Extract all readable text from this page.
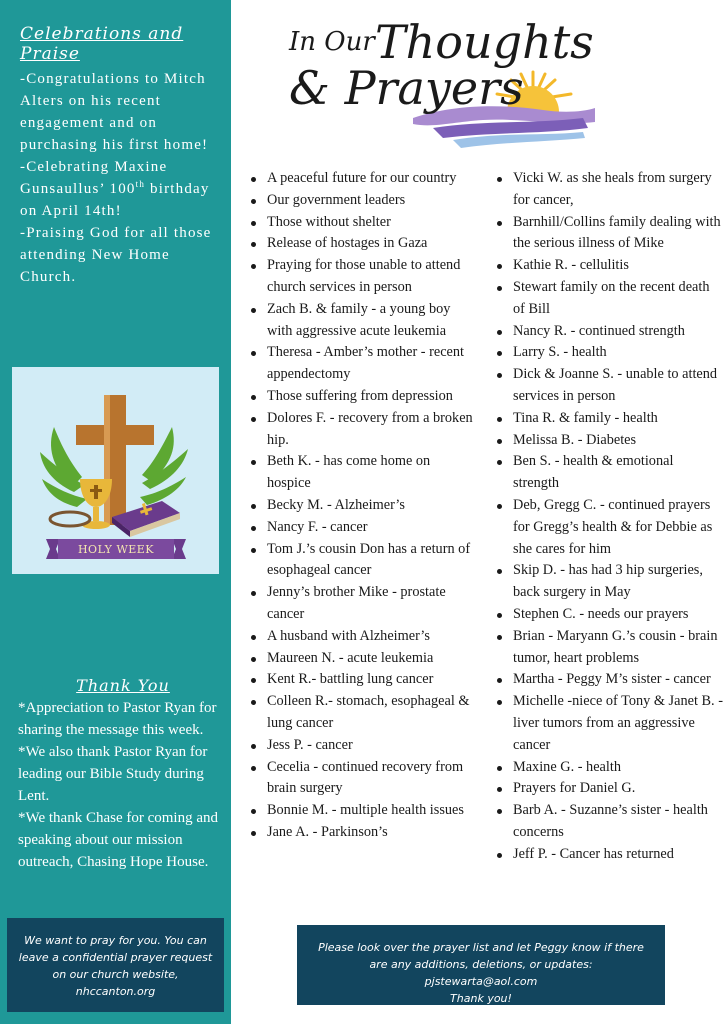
Celebrations and Praise

-Congratulations to Mitch Alters on his recent engagement and on purchasing his first home!

-Celebrating Maxine Gunsaullus’ 100th birthday on April 14th!

-Praising God for all those attending New Home Church.

HOLY WEEK
Thank You

*Appreciation to Pastor Ryan for sharing the message this week.

*We also thank Pastor Ryan for leading our Bible Study during Lent.

*We thank Chase for coming and speaking about our mission outreach, Chasing Hope House.

We want to pray for you. You can leave a confidential prayer request on our church website, nhccanton.org
In Our Thoughts
& Prayers
A peaceful future for our country
Our government leaders
Those without shelter
Release of hostages in Gaza
Praying for those unable to attend church services in person
Zach B. & family - a young boy with aggressive acute leukemia
Theresa - Amber’s mother - recent appendectomy
Those suffering from depression
Dolores F. - recovery from a broken hip.
Beth K. - has come home on hospice
Becky M. - Alzheimer’s
Nancy F. - cancer
Tom J.’s cousin Don has a return of esophageal cancer
Jenny’s brother Mike - prostate cancer
A husband with Alzheimer’s
Maureen N. - acute leukemia
Kent R.- battling lung cancer
Colleen R.- stomach, esophageal & lung cancer
Jess P. - cancer
Cecelia - continued recovery from brain surgery
Bonnie M. - multiple health issues
Jane A. - Parkinson’s
Vicki W. as she heals from surgery for cancer,
Barnhill/Collins family dealing with the serious illness of Mike
Kathie R. - cellulitis
Stewart family on the recent death of Bill
Nancy R. - continued strength
Larry S. - health
Dick & Joanne S. - unable to attend services in person
Tina R. & family - health
Melissa B. - Diabetes
Ben S. - health & emotional strength
Deb, Gregg C. - continued prayers for Gregg’s health & for Debbie as she cares for him
Skip D. - has had 3 hip surgeries, back surgery in May
Stephen C. - needs our prayers
Brian - Maryann G.’s cousin - brain tumor, heart problems
Martha - Peggy M’s sister - cancer
Michelle -niece of Tony & Janet B. - liver tumors from an aggressive cancer
Maxine G. - health
Prayers for Daniel G.
Barb A. - Suzanne’s sister - health concerns
Jeff P. - Cancer has returned
Please look over the prayer list and let Peggy know if there are any additions, deletions, or updates: pjstewarta@aol.com
Thank you!
